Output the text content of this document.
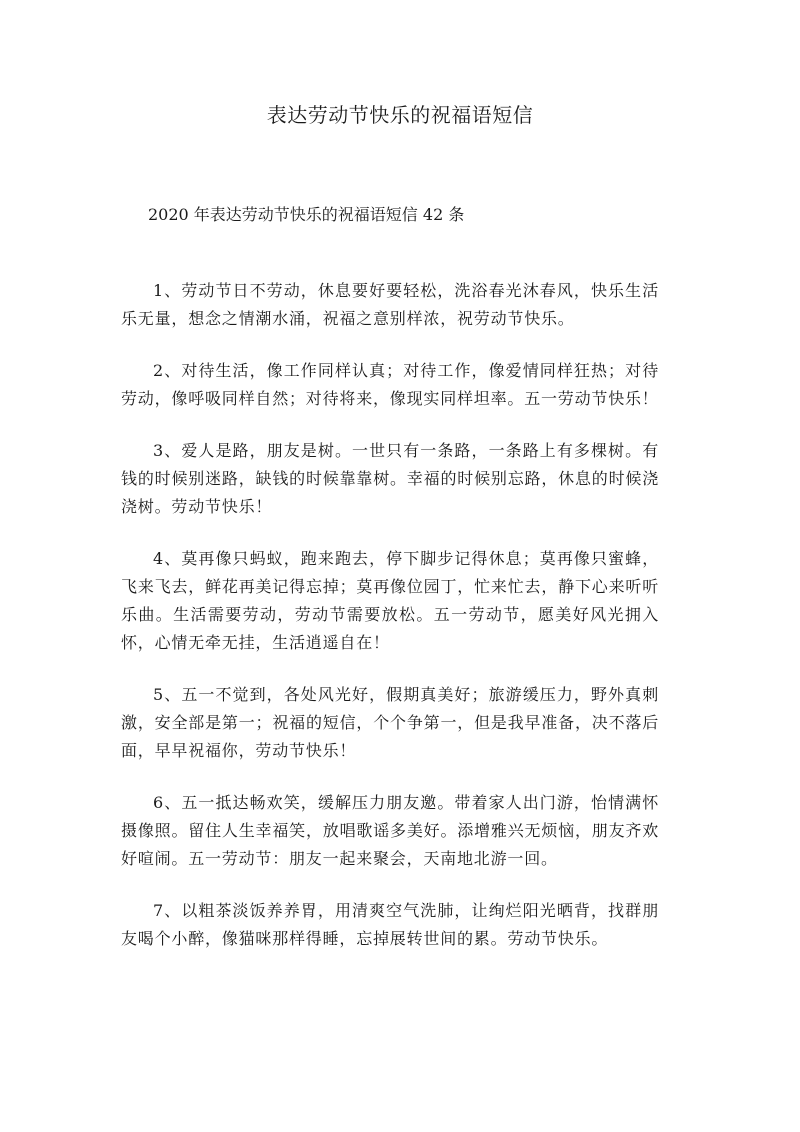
表达劳动节快乐的祝福语短信
2020 年表达劳动节快乐的祝福语短信 42 条

1、劳动节日不劳动，休息要好要轻松，洗浴春光沐春风，快乐生活乐无量，想念之情潮水涌，祝福之意别样浓，祝劳动节快乐。

2、对待生活，像工作同样认真；对待工作，像爱情同样狂热；对待劳动，像呼吸同样自然；对待将来，像现实同样坦率。五一劳动节快乐！

3、爱人是路，朋友是树。一世只有一条路，一条路上有多棵树。有钱的时候别迷路，缺钱的时候靠靠树。幸福的时候别忘路，休息的时候浇浇树。劳动节快乐！

4、莫再像只蚂蚁，跑来跑去，停下脚步记得休息；莫再像只蜜蜂，飞来飞去，鲜花再美记得忘掉；莫再像位园丁，忙来忙去，静下心来听听乐曲。生活需要劳动，劳动节需要放松。五一劳动节，愿美好风光拥入怀，心情无牵无挂，生活逍遥自在！

5、五一不觉到，各处风光好，假期真美好；旅游缓压力，野外真刺激，安全部是第一；祝福的短信，个个争第一，但是我早准备，决不落后面，早早祝福你，劳动节快乐！

6、五一抵达畅欢笑，缓解压力朋友邀。带着家人出门游，怡情满怀摄像照。留住人生幸福笑，放唱歌谣多美好。添增雅兴无烦恼，朋友齐欢好喧闹。五一劳动节：朋友一起来聚会，天南地北游一回。

7、以粗茶淡饭养养胃，用清爽空气洗肺，让绚烂阳光晒背，找群朋友喝个小醉，像猫咪那样得睡，忘掉展转世间的累。劳动节快乐。
